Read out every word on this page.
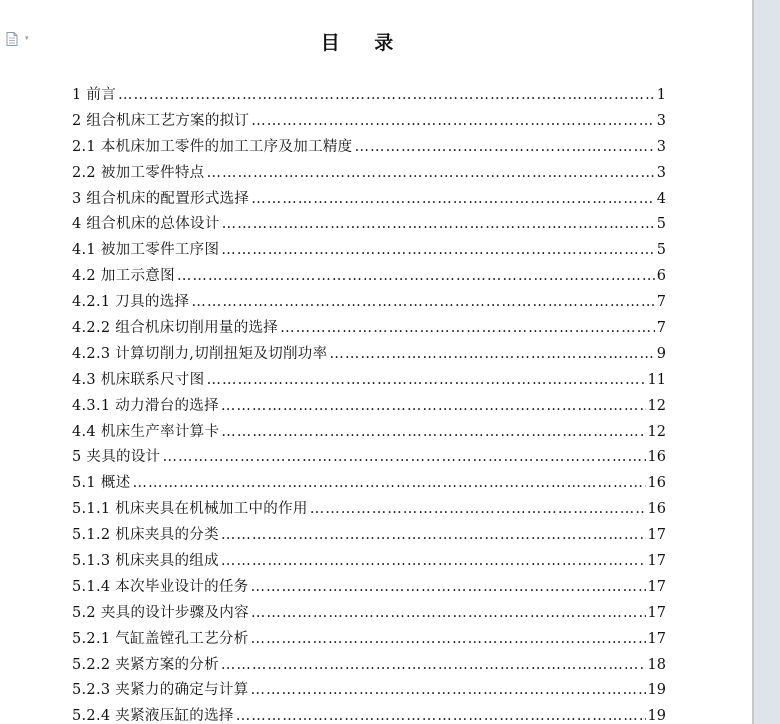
▾	目 录
1 前言 ……………………………………………………………………………………………………………………………………………	1
2 组合机床工艺方案的拟订 ……………………………………………………………………………………………………………………………………………	3
2.1 本机床加工零件的加工工序及加工精度 ……………………………………………………………………………………………………………………………………………	3
2.2 被加工零件特点 ……………………………………………………………………………………………………………………………………………	3
3 组合机床的配置形式选择 ……………………………………………………………………………………………………………………………………………	4
4 组合机床的总体设计 ……………………………………………………………………………………………………………………………………………	5
4.1 被加工零件工序图 ……………………………………………………………………………………………………………………………………………	5
4.2 加工示意图 ……………………………………………………………………………………………………………………………………………	6
4.2.1 刀具的选择 ……………………………………………………………………………………………………………………………………………	7
4.2.2 组合机床切削用量的选择 ……………………………………………………………………………………………………………………………………………	7
4.2.3 计算切削力,切削扭矩及切削功率 ……………………………………………………………………………………………………………………………………………	9
4.3 机床联系尺寸图 ……………………………………………………………………………………………………………………………………………	11
4.3.1 动力滑台的选择 ……………………………………………………………………………………………………………………………………………	12
4.4 机床生产率计算卡 ……………………………………………………………………………………………………………………………………………	12
5 夹具的设计 ……………………………………………………………………………………………………………………………………………	16
5.1 概述 ……………………………………………………………………………………………………………………………………………	16
5.1.1 机床夹具在机械加工中的作用 ……………………………………………………………………………………………………………………………………………	16
5.1.2 机床夹具的分类 ……………………………………………………………………………………………………………………………………………	17
5.1.3 机床夹具的组成 ……………………………………………………………………………………………………………………………………………	17
5.1.4 本次毕业设计的任务 ……………………………………………………………………………………………………………………………………………	17
5.2 夹具的设计步骤及内容 ……………………………………………………………………………………………………………………………………………	17
5.2.1 气缸盖镗孔工艺分析 ……………………………………………………………………………………………………………………………………………	17
5.2.2 夹紧方案的分析 ……………………………………………………………………………………………………………………………………………	18
5.2.3 夹紧力的确定与计算 ……………………………………………………………………………………………………………………………………………	19
5.2.4 夹紧液压缸的选择 ……………………………………………………………………………………………………………………………………………	19
